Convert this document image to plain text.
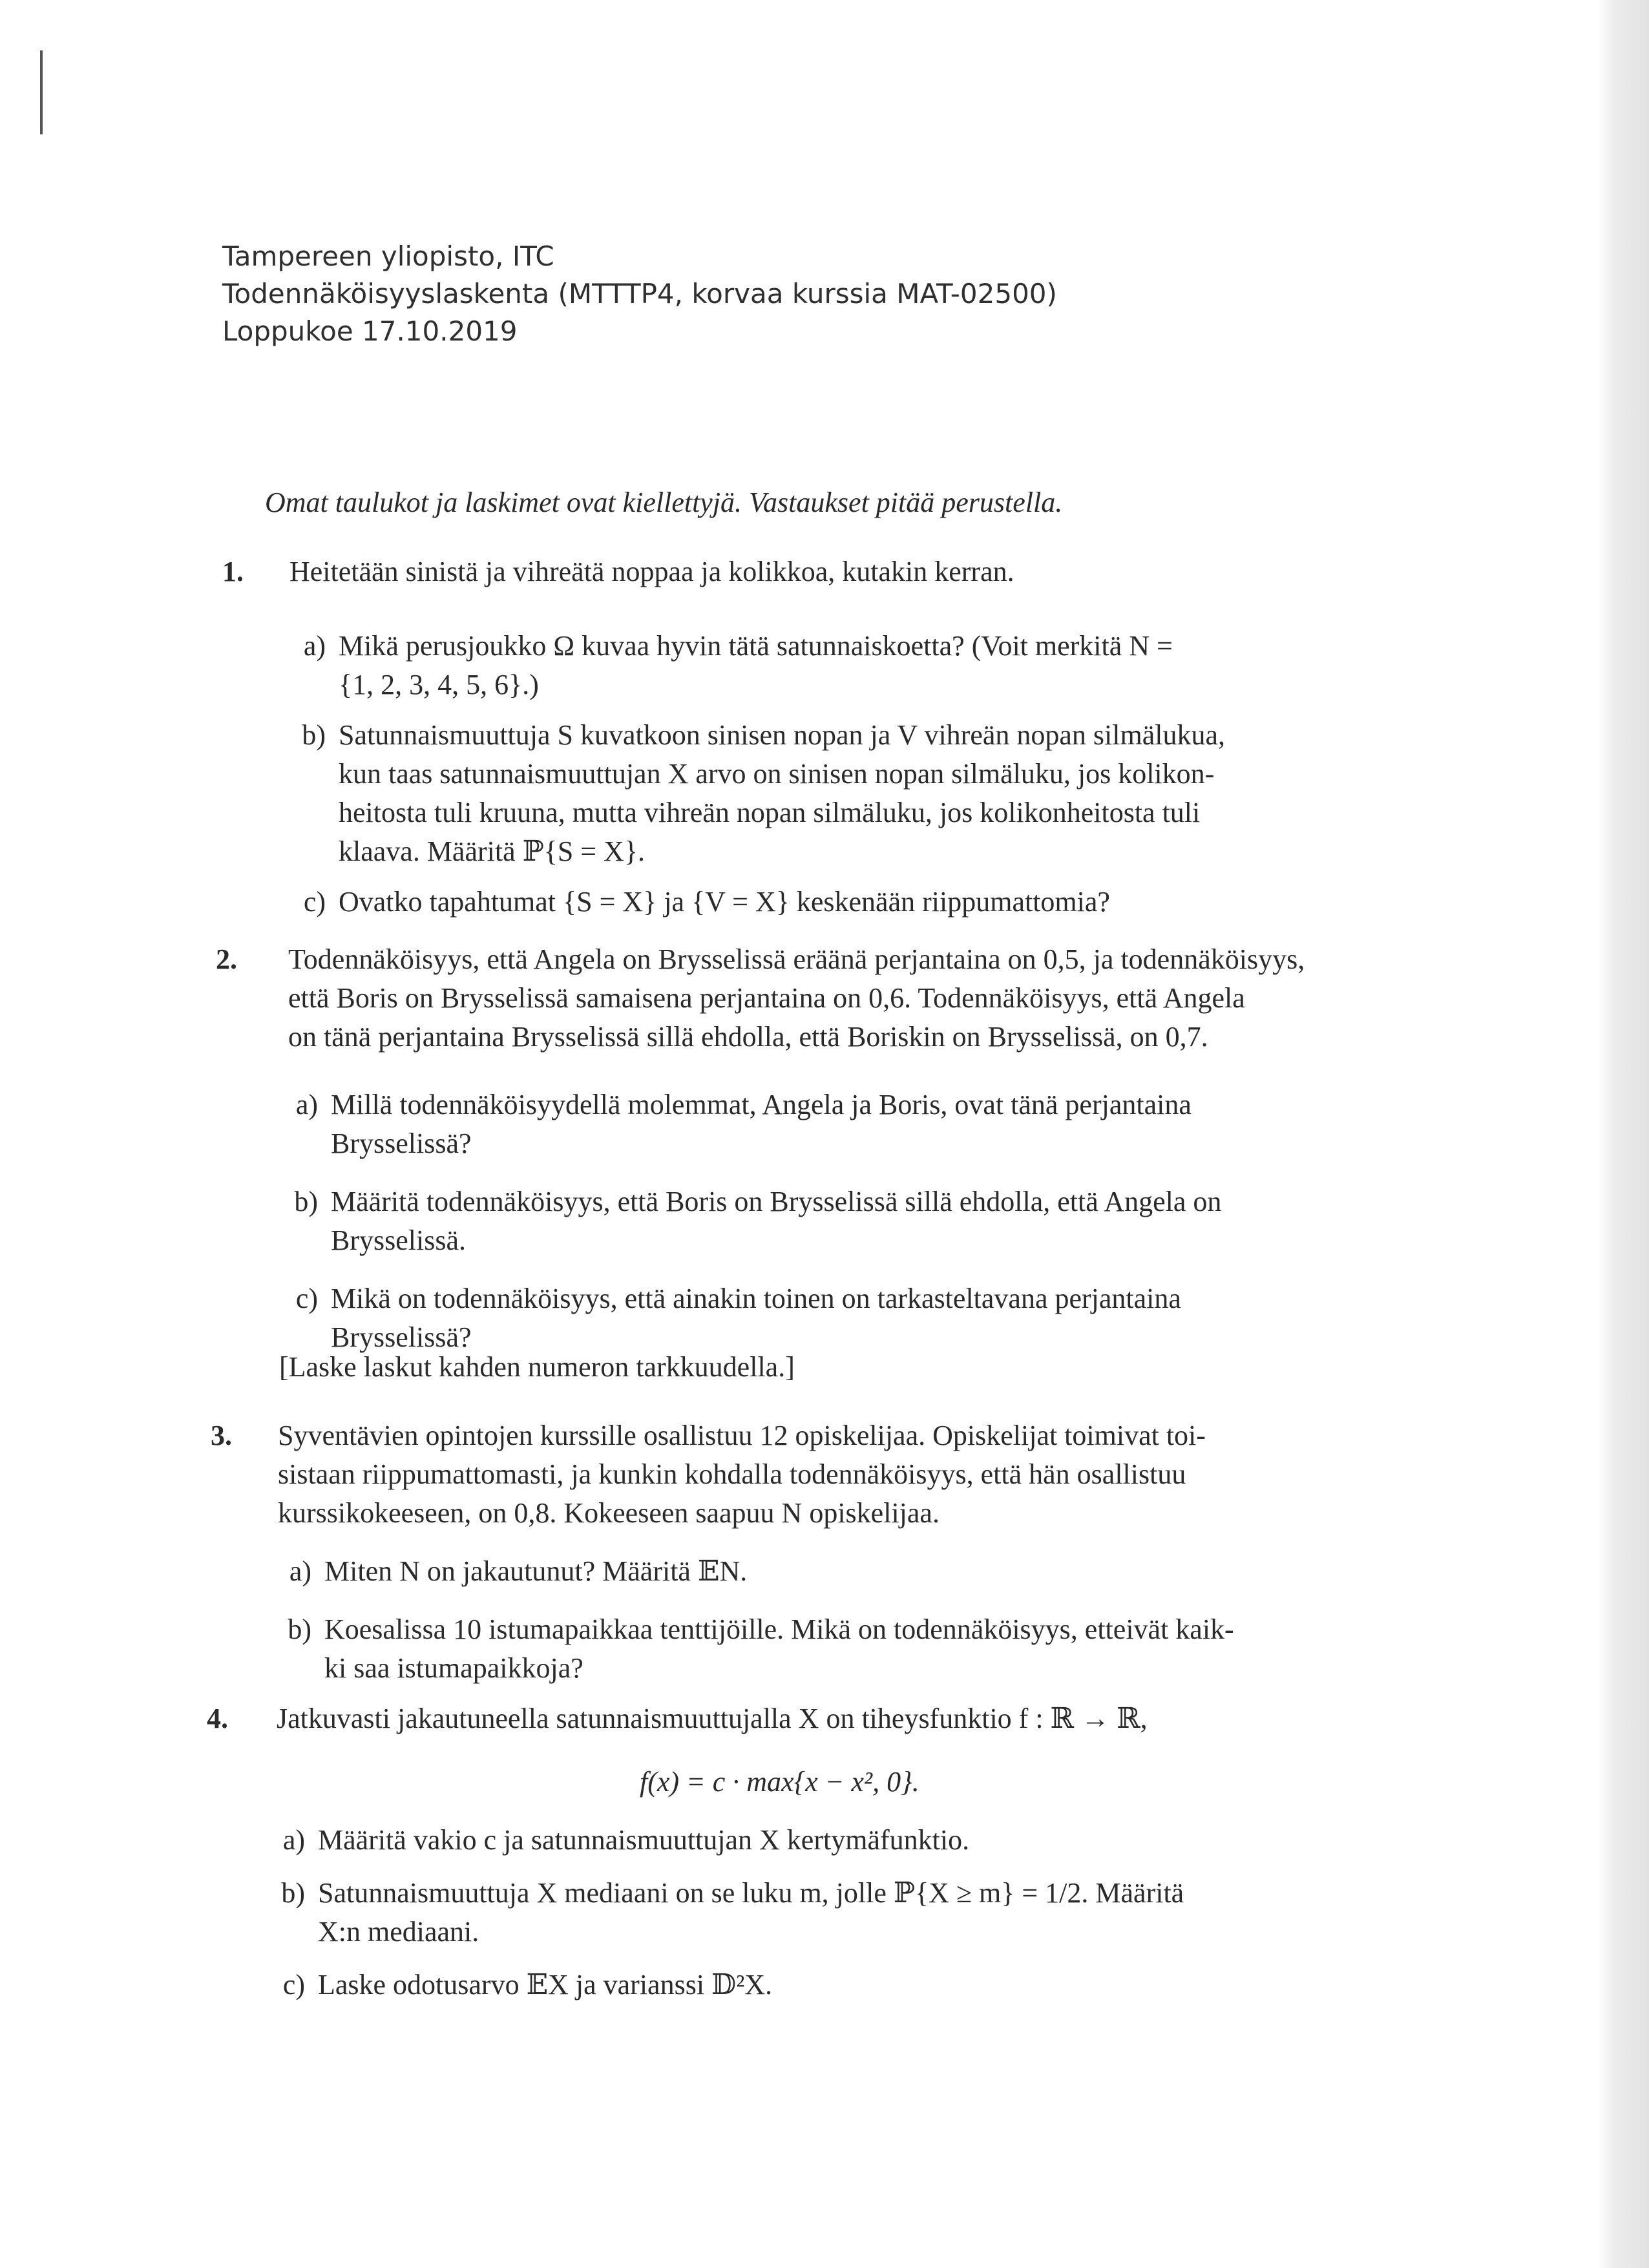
Tampereen yliopisto, ITC
Todennäköisyyslaskenta (MTTTP4, korvaa kurssia MAT-02500)
Loppukoe 17.10.2019
Omat taulukot ja laskimet ovat kiellettyjä. Vastaukset pitää perustella.
1.	Heitetään sinistä ja vihreätä noppaa ja kolikkoa, kutakin kerran.
a) Mikä perusjoukko Ω kuvaa hyvin tätä satunnaiskoetta? (Voit merkitä N =
{1, 2, 3, 4, 5, 6}.)
b) Satunnaismuuttuja S kuvatkoon sinisen nopan ja V vihreän nopan silmälukua,
kun taas satunnaismuuttujan X arvo on sinisen nopan silmäluku, jos kolikon-
heitosta tuli kruuna, mutta vihreän nopan silmäluku, jos kolikonheitosta tuli
klaava. Määritä ℙ{S = X}.
c) Ovatko tapahtumat {S = X} ja {V = X} keskenään riippumattomia?
2.	Todennäköisyys, että Angela on Brysselissä eräänä perjantaina on 0,5, ja todennäköisyys,
että Boris on Brysselissä samaisena perjantaina on 0,6. Todennäköisyys, että Angela
on tänä perjantaina Brysselissä sillä ehdolla, että Boriskin on Brysselissä, on 0,7.
a) Millä todennäköisyydellä molemmat, Angela ja Boris, ovat tänä perjantaina
Brysselissä?
b) Määritä todennäköisyys, että Boris on Brysselissä sillä ehdolla, että Angela on
Brysselissä.
c) Mikä on todennäköisyys, että ainakin toinen on tarkasteltavana perjantaina
Brysselissä?
[Laske laskut kahden numeron tarkkuudella.]
3.	Syventävien opintojen kurssille osallistuu 12 opiskelijaa. Opiskelijat toimivat toi-
sistaan riippumattomasti, ja kunkin kohdalla todennäköisyys, että hän osallistuu
kurssikokeeseen, on 0,8. Kokeeseen saapuu N opiskelijaa.
a) Miten N on jakautunut? Määritä 𝔼N.
b) Koesalissa 10 istumapaikkaa tenttijöille. Mikä on todennäköisyys, etteivät kaik-
ki saa istumapaikkoja?
4.	Jatkuvasti jakautuneella satunnaismuuttujalla X on tiheysfunktio f : ℝ → ℝ,
f(x) = c · max{x − x², 0}.
a) Määritä vakio c ja satunnaismuuttujan X kertymäfunktio.
b) Satunnaismuuttuja X mediaani on se luku m, jolle ℙ{X ≥ m} = 1/2. Määritä
X:n mediaani.
c) Laske odotusarvo 𝔼X ja varianssi 𝔻²X.
